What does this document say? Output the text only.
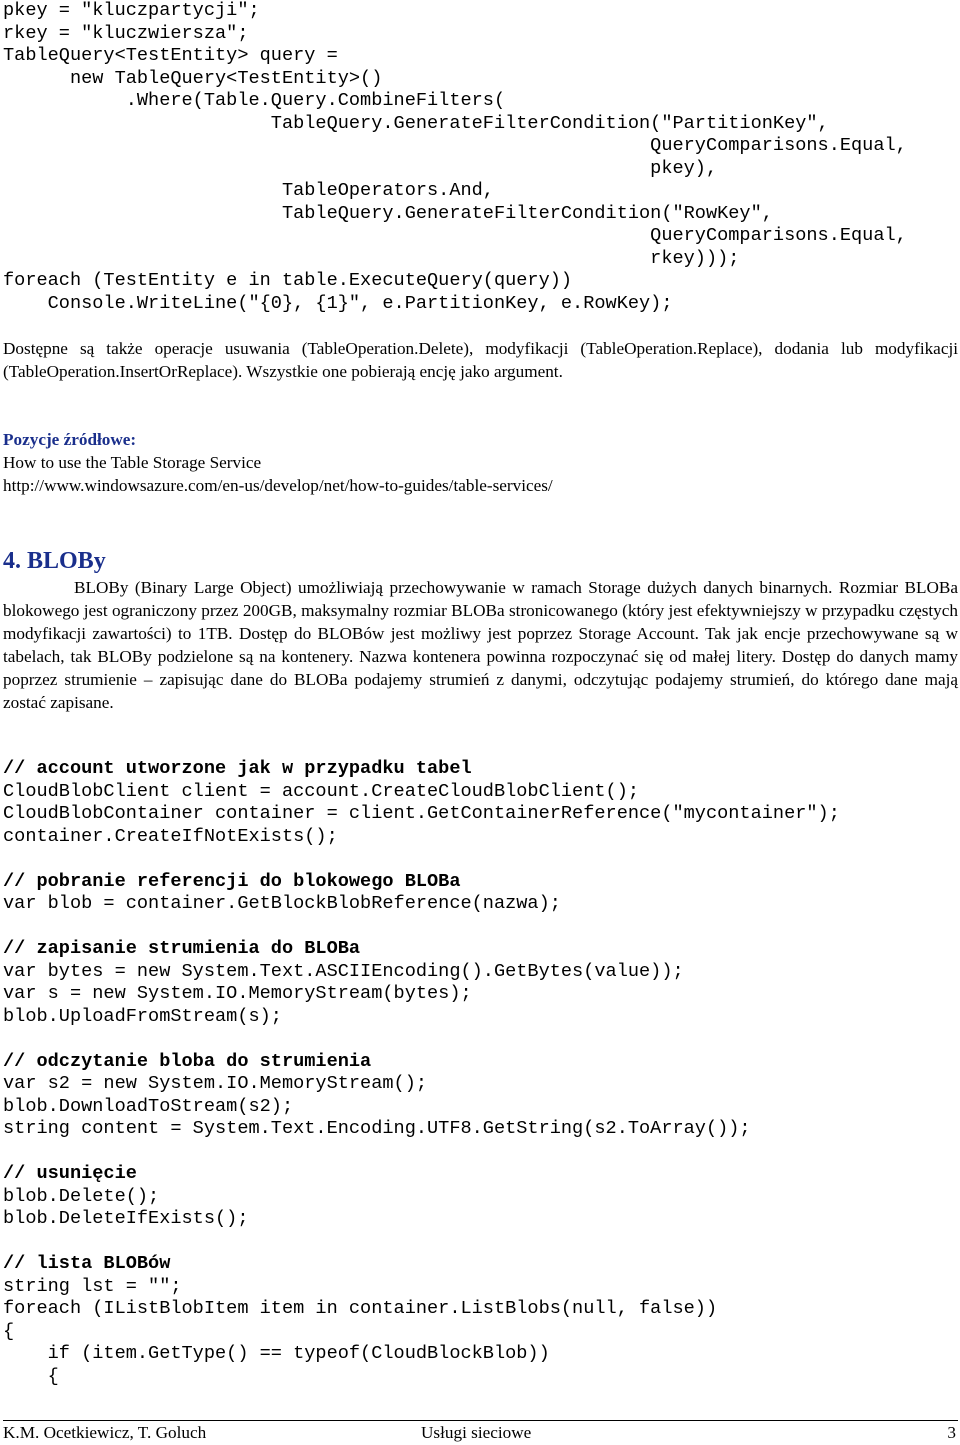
pkey = "kluczpartycji";
rkey = "kluczwiersza";
TableQuery<TestEntity> query =
new TableQuery<TestEntity>()
.Where(Table.Query.CombineFilters(
TableQuery.GenerateFilterCondition("PartitionKey",
QueryComparisons.Equal,
pkey),
TableOperators.And,
TableQuery.GenerateFilterCondition("RowKey",
QueryComparisons.Equal,
rkey)));
foreach (TestEntity e in table.ExecuteQuery(query))
Console.WriteLine("{0}, {1}", e.PartitionKey, e.RowKey);
Dostępne są także operacje usuwania (TableOperation.Delete), modyfikacji (TableOperation.Replace), dodania lub modyfikacji (TableOperation.InsertOrReplace). Wszystkie one pobierają encję jako argument.
Pozycje źródłowe:
How to use the Table Storage Service
http://www.windowsazure.com/en-us/develop/net/how-to-guides/table-services/
4. BLOBy
BLOBy (Binary Large Object) umożliwiają przechowywanie w ramach Storage dużych danych binarnych. Rozmiar BLOBa blokowego jest ograniczony przez 200GB, maksymalny rozmiar BLOBa stronicowanego (który jest efektywniejszy w przypadku częstych modyfikacji zawartości) to 1TB. Dostęp do BLOBów jest możliwy jest poprzez Storage Account. Tak jak encje przechowywane są w tabelach, tak BLOBy podzielone są na kontenery. Nazwa kontenera powinna rozpoczynać się od małej litery. Dostęp do danych mamy poprzez strumienie – zapisując dane do BLOBa podajemy strumień z danymi, odczytując podajemy strumień, do którego dane mają zostać zapisane.
// account utworzone jak w przypadku tabel
CloudBlobClient client = account.CreateCloudBlobClient();
CloudBlobContainer container = client.GetContainerReference("mycontainer");
container.CreateIfNotExists();
// pobranie referencji do blokowego BLOBa
var blob = container.GetBlockBlobReference(nazwa);
// zapisanie strumienia do BLOBa
var bytes = new System.Text.ASCIIEncoding().GetBytes(value));
var s = new System.IO.MemoryStream(bytes);
blob.UploadFromStream(s);
// odczytanie bloba do strumienia
var s2 = new System.IO.MemoryStream();
blob.DownloadToStream(s2);
string content = System.Text.Encoding.UTF8.GetString(s2.ToArray());
// usunięcie
blob.Delete();
blob.DeleteIfExists();
// lista BLOBów
string lst = "";
foreach (IListBlobItem item in container.ListBlobs(null, false))
{
if (item.GetType() == typeof(CloudBlockBlob))
{
K.M. Ocetkiewicz, T. Goluch	Usługi sieciowe	3
